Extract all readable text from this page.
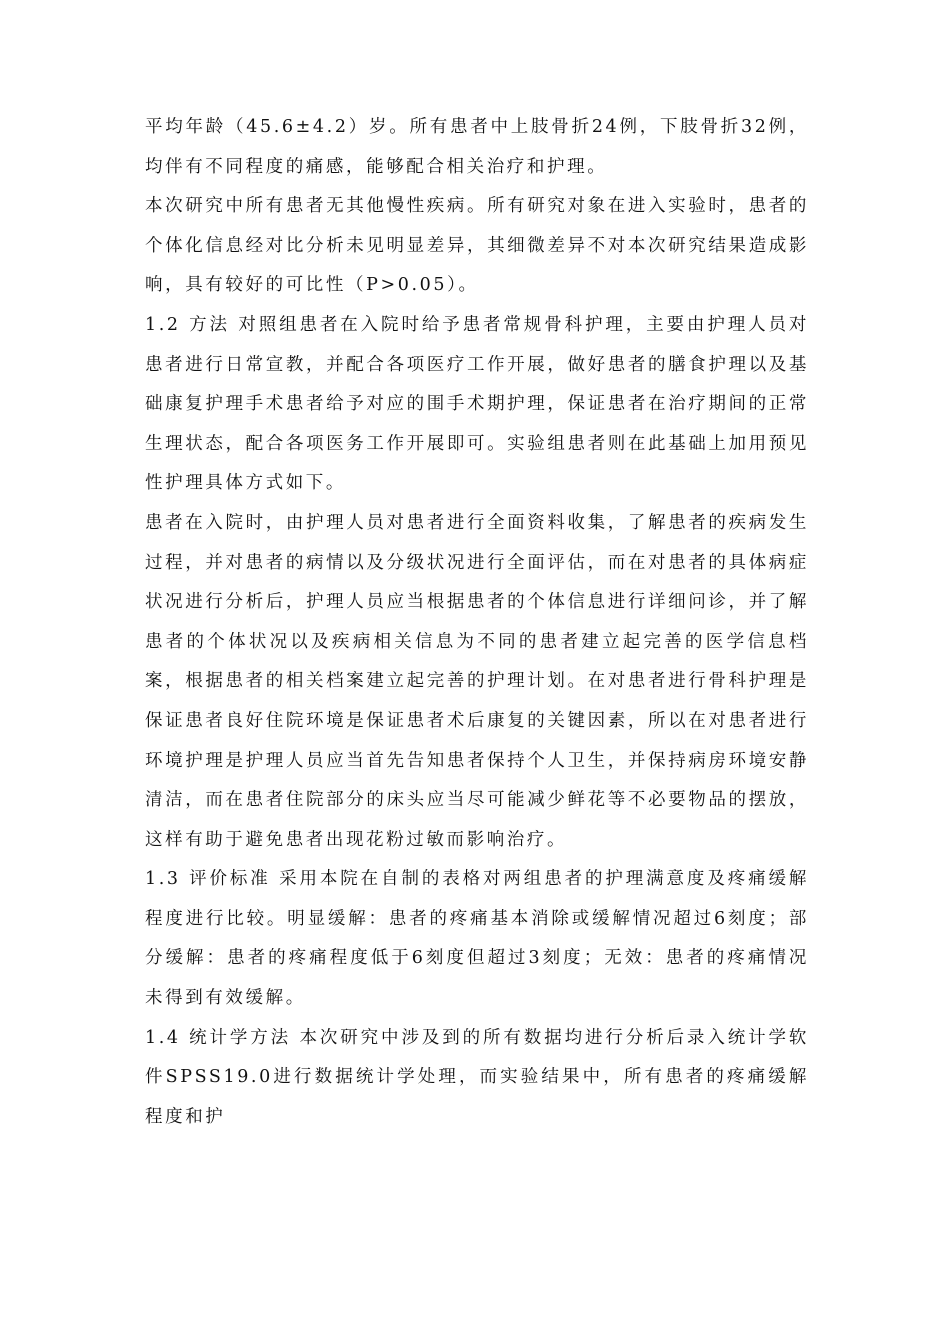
平均年龄（45.6±4.2）岁。所有患者中上肢骨折24例，下肢骨折32例，均伴有不同程度的痛感，能够配合相关治疗和护理。

本次研究中所有患者无其他慢性疾病。所有研究对象在进入实验时，患者的个体化信息经对比分析未见明显差异，其细微差异不对本次研究结果造成影响，具有较好的可比性（P>0.05）。

1.2 方法 对照组患者在入院时给予患者常规骨科护理，主要由护理人员对患者进行日常宣教，并配合各项医疗工作开展，做好患者的膳食护理以及基础康复护理手术患者给予对应的围手术期护理，保证患者在治疗期间的正常生理状态，配合各项医务工作开展即可。实验组患者则在此基础上加用预见性护理具体方式如下。

患者在入院时，由护理人员对患者进行全面资料收集，了解患者的疾病发生过程，并对患者的病情以及分级状况进行全面评估，而在对患者的具体病症状况进行分析后，护理人员应当根据患者的个体信息进行详细问诊，并了解患者的个体状况以及疾病相关信息为不同的患者建立起完善的医学信息档案，根据患者的相关档案建立起完善的护理计划。在对患者进行骨科护理是保证患者良好住院环境是保证患者术后康复的关键因素，所以在对患者进行环境护理是护理人员应当首先告知患者保持个人卫生，并保持病房环境安静清洁，而在患者住院部分的床头应当尽可能减少鲜花等不必要物品的摆放，这样有助于避免患者出现花粉过敏而影响治疗。

1.3 评价标准 采用本院在自制的表格对两组患者的护理满意度及疼痛缓解程度进行比较。明显缓解：患者的疼痛基本消除或缓解情况超过6刻度；部分缓解：患者的疼痛程度低于6刻度但超过3刻度；无效：患者的疼痛情况未得到有效缓解。

1.4 统计学方法 本次研究中涉及到的所有数据均进行分析后录入统计学软件SPSS19.0进行数据统计学处理，而实验结果中，所有患者的疼痛缓解程度和护
